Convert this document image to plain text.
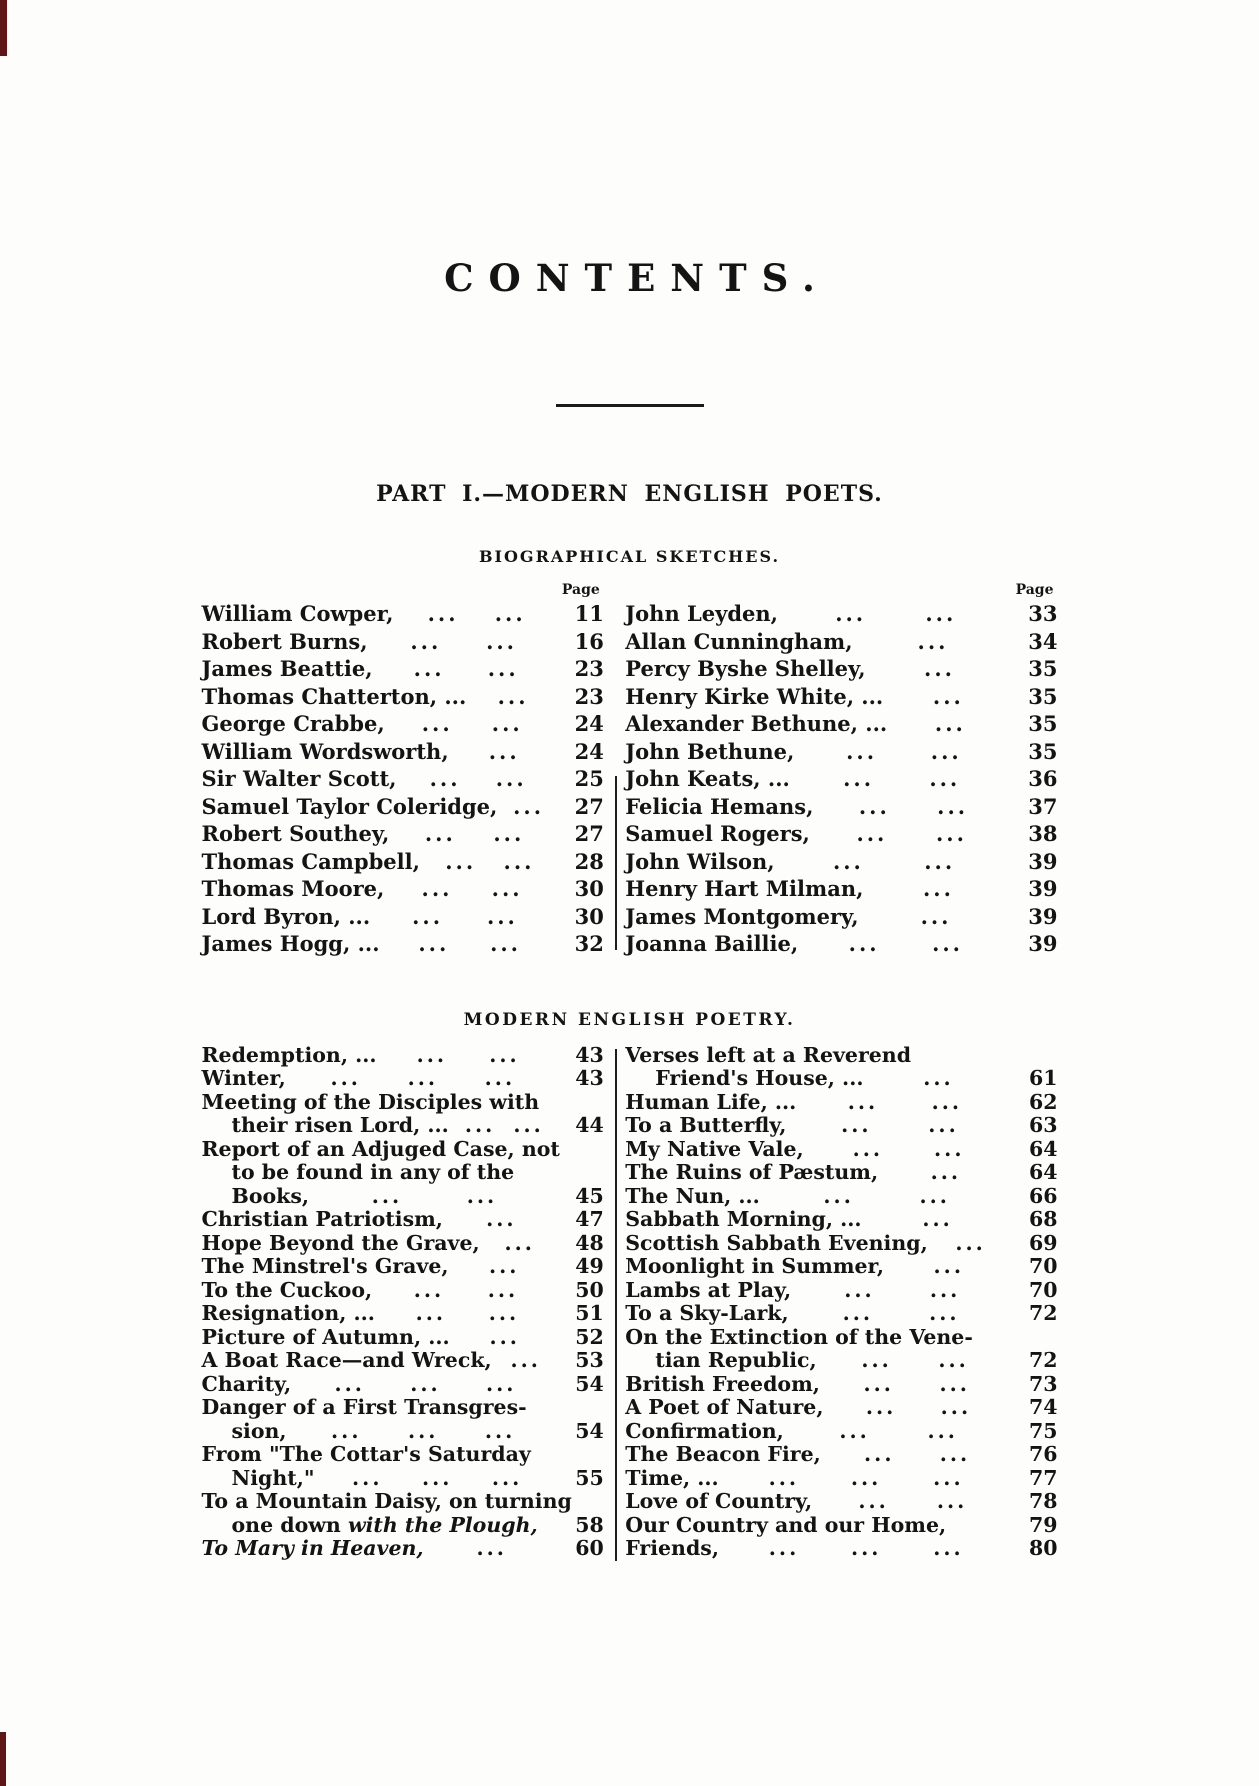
CONTENTS.
PART I.—MODERN ENGLISH POETS.
BIOGRAPHICAL SKETCHES.
Page
William Cowper, ... ...	11
Robert Burns, ... ...	16
James Beattie, ... ...	23
Thomas Chatterton, ... ...	23
George Crabbe, ... ...	24
William Wordsworth, ...	24
Sir Walter Scott, ... ...	25
Samuel Taylor Coleridge, ...	27
Robert Southey, ... ...	27
Thomas Campbell, ... ...	28
Thomas Moore, ... ...	30
Lord Byron, ... ... ...	30
James Hogg, ... ... ...	32
Page
John Leyden,	...	...	33
Allan Cunningham,	...	34
Percy Byshe Shelley,	...	35
Henry Kirke White, ... ...	35
Alexander Bethune, ... ...	35
John Bethune, ...	...	35
John Keats, ...	...	...	36
Felicia Hemans, ... ...	37
Samuel Rogers, ... ...	38
John Wilson,	...	...	39
Henry Hart Milman,	...	39
James Montgomery,	...	39
Joanna Baillie, ... ...	39
MODERN ENGLISH POETRY.
Redemption, ... ... ...	43
Winter, ... ... ...	43
Meeting of the Disciples with
their risen Lord, ... ... ...	44
Report of an Adjuged Case, not
to be found in any of the
Books,	...	...	45
Christian Patriotism, ...	47
Hope Beyond the Grave, ...	48
The Minstrel's Grave, ...	49
To the Cuckoo, ... ...	50
Resignation, ... ... ...	51
Picture of Autumn, ... ...	52
A Boat Race—and Wreck, ...	53
Charity, ... ... ...	54
Danger of a First Transgres-
sion, ... ... ...	54
From "The Cottar's Saturday
Night," ... ... ...	55
To a Mountain Daisy, on turning
one down with the Plough,	58
To Mary in Heaven,	...	60
Verses left at a Reverend
Friend's House, ...	...	61
Human Life, ...	...	...	62
To a Butterfly,	...	...	63
My Native Vale, ... ...	64
The Ruins of Pæstum,	...	64
The Nun, ...	...	...	66
Sabbath Morning, ...	...	68
Scottish Sabbath Evening, ...	69
Moonlight in Summer, ...	70
Lambs at Play,	...	...	70
To a Sky-Lark,	...	...	72
On the Extinction of the Vene-
tian Republic, ... ...	72
British Freedom, ... ...	73
A Poet of Nature, ... ...	74
Confirmation,	...	...	75
The Beacon Fire, ... ...	76
Time, ... ...	...	...	77
Love of Country, ... ...	78
Our Country and our Home,	79
Friends, ...	...	...	80
